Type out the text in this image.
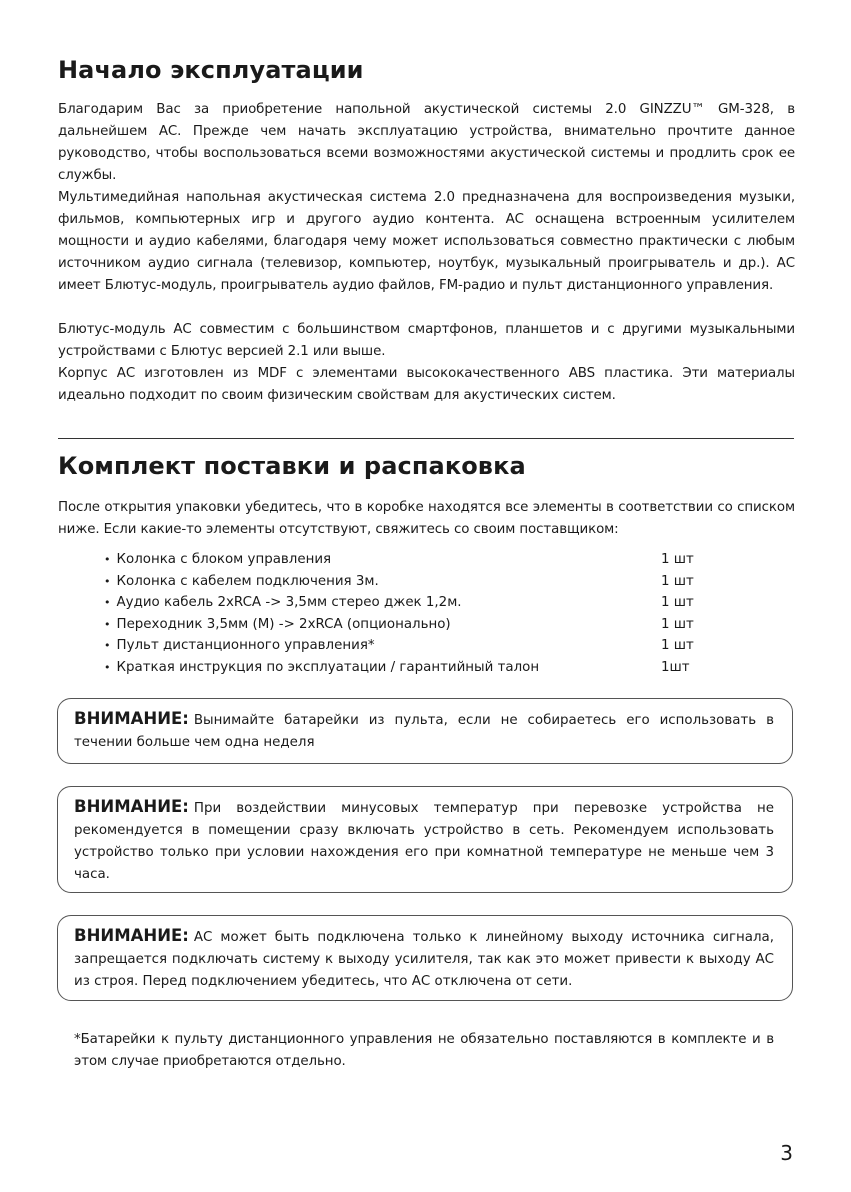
Начало эксплуатации

Благодарим Вас за приобретение напольной акустической системы 2.0 GINZZU™ GM-328, в дальнейшем АС. Прежде чем начать эксплуатацию устройства, внимательно прочтите данное руководство, чтобы воспользоваться всеми возможностями акустической системы и продлить срок ее службы.

Мультимедийная напольная акустическая система 2.0 предназначена для воспроизведения музыки, фильмов, компьютерных игр и другого аудио контента. АС оснащена встроенным усилителем мощности и аудио кабелями, благодаря чему может использоваться совместно практически с любым источником аудио сигнала (телевизор, компьютер, ноутбук, музыкальный проигрыватель и др.). АС имеет Блютус-модуль, проигрыватель аудио файлов, FM-радио и пульт дистанционного управления.

Блютус-модуль АС совместим с большинством смартфонов, планшетов и с другими музыкальными устройствами с Блютус версией 2.1 или выше.

Корпус АС изготовлен из MDF с элементами высококачественного ABS пластика. Эти материалы идеально подходит по своим физическим свойствам для акустических систем.

Комплект поставки и распаковка

После открытия упаковки убедитесь, что в коробке находятся все элементы в соответствии со списком ниже. Если какие-то элементы отсутствуют, свяжитесь со своим поставщиком:

• Колонка с блоком управления	1 шт
• Колонка с кабелем подключения 3м.	1 шт
• Аудио кабель 2хRCA -> 3,5мм стерео джек 1,2м.	1 шт
• Переходник 3,5мм (M) -> 2xRCA (опционально)	1 шт
• Пульт дистанционного управления*	1 шт
• Краткая инструкция по эксплуатации / гарантийный талон	1шт
ВНИМАНИЕ: Вынимайте батарейки из пульта, если не собираетесь его использовать в течении больше чем одна неделя
ВНИМАНИЕ: При воздействии минусовых температур при перевозке устройства не рекомендуется в помещении сразу включать устройство в сеть. Рекомендуем использовать устройство только при условии нахождения его при комнатной температуре не меньше чем 3 часа.
ВНИМАНИЕ: АС может быть подключена только к линейному выходу источника сигнала, запрещается подключать систему к выходу усилителя, так как это может привести к выходу АС из строя. Перед подключением убедитесь, что АС отключена от сети.

*Батарейки к пульту дистанционного управления не обязательно поставляются в комплекте и в этом случае приобретаются отдельно.

3
